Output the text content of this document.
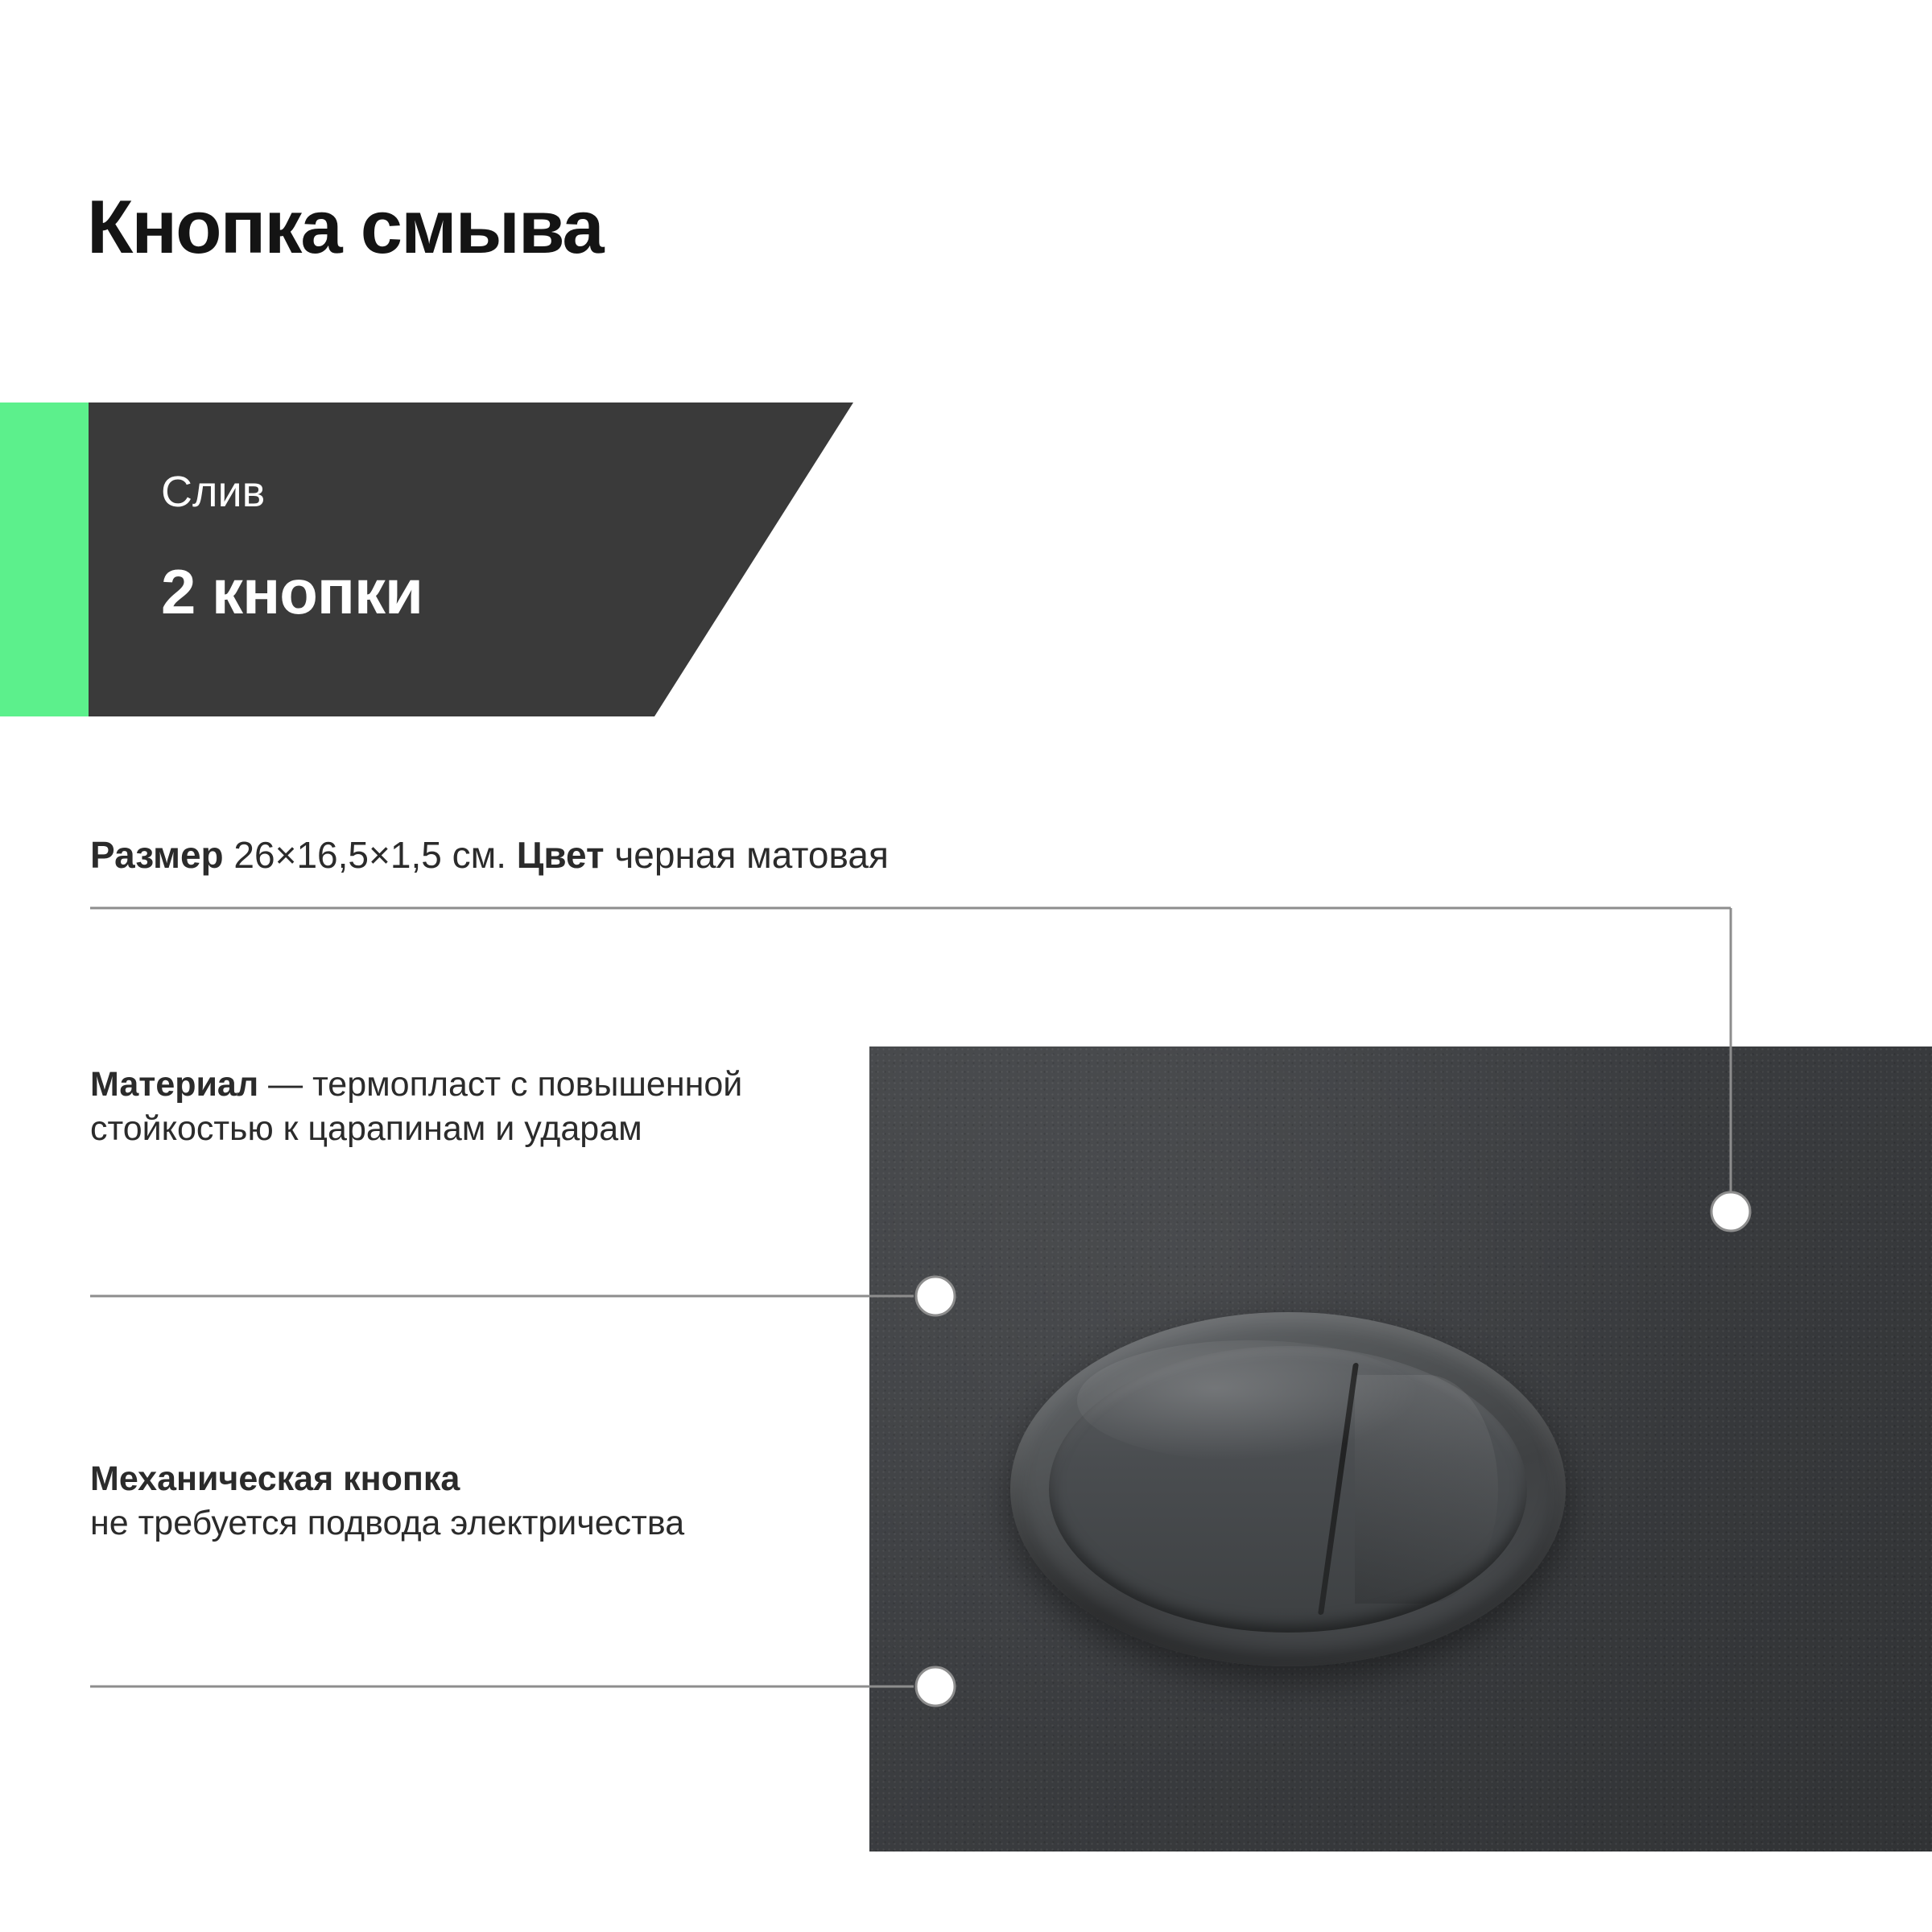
Кнопка смыва
Слив
2 кнопки
Размер 26×16,5×1,5 см. Цвет черная матовая
Материал — термопласт с повышенной стойкостью к царапинам и ударам
Механическая кнопка
не требуется подвода электричества
